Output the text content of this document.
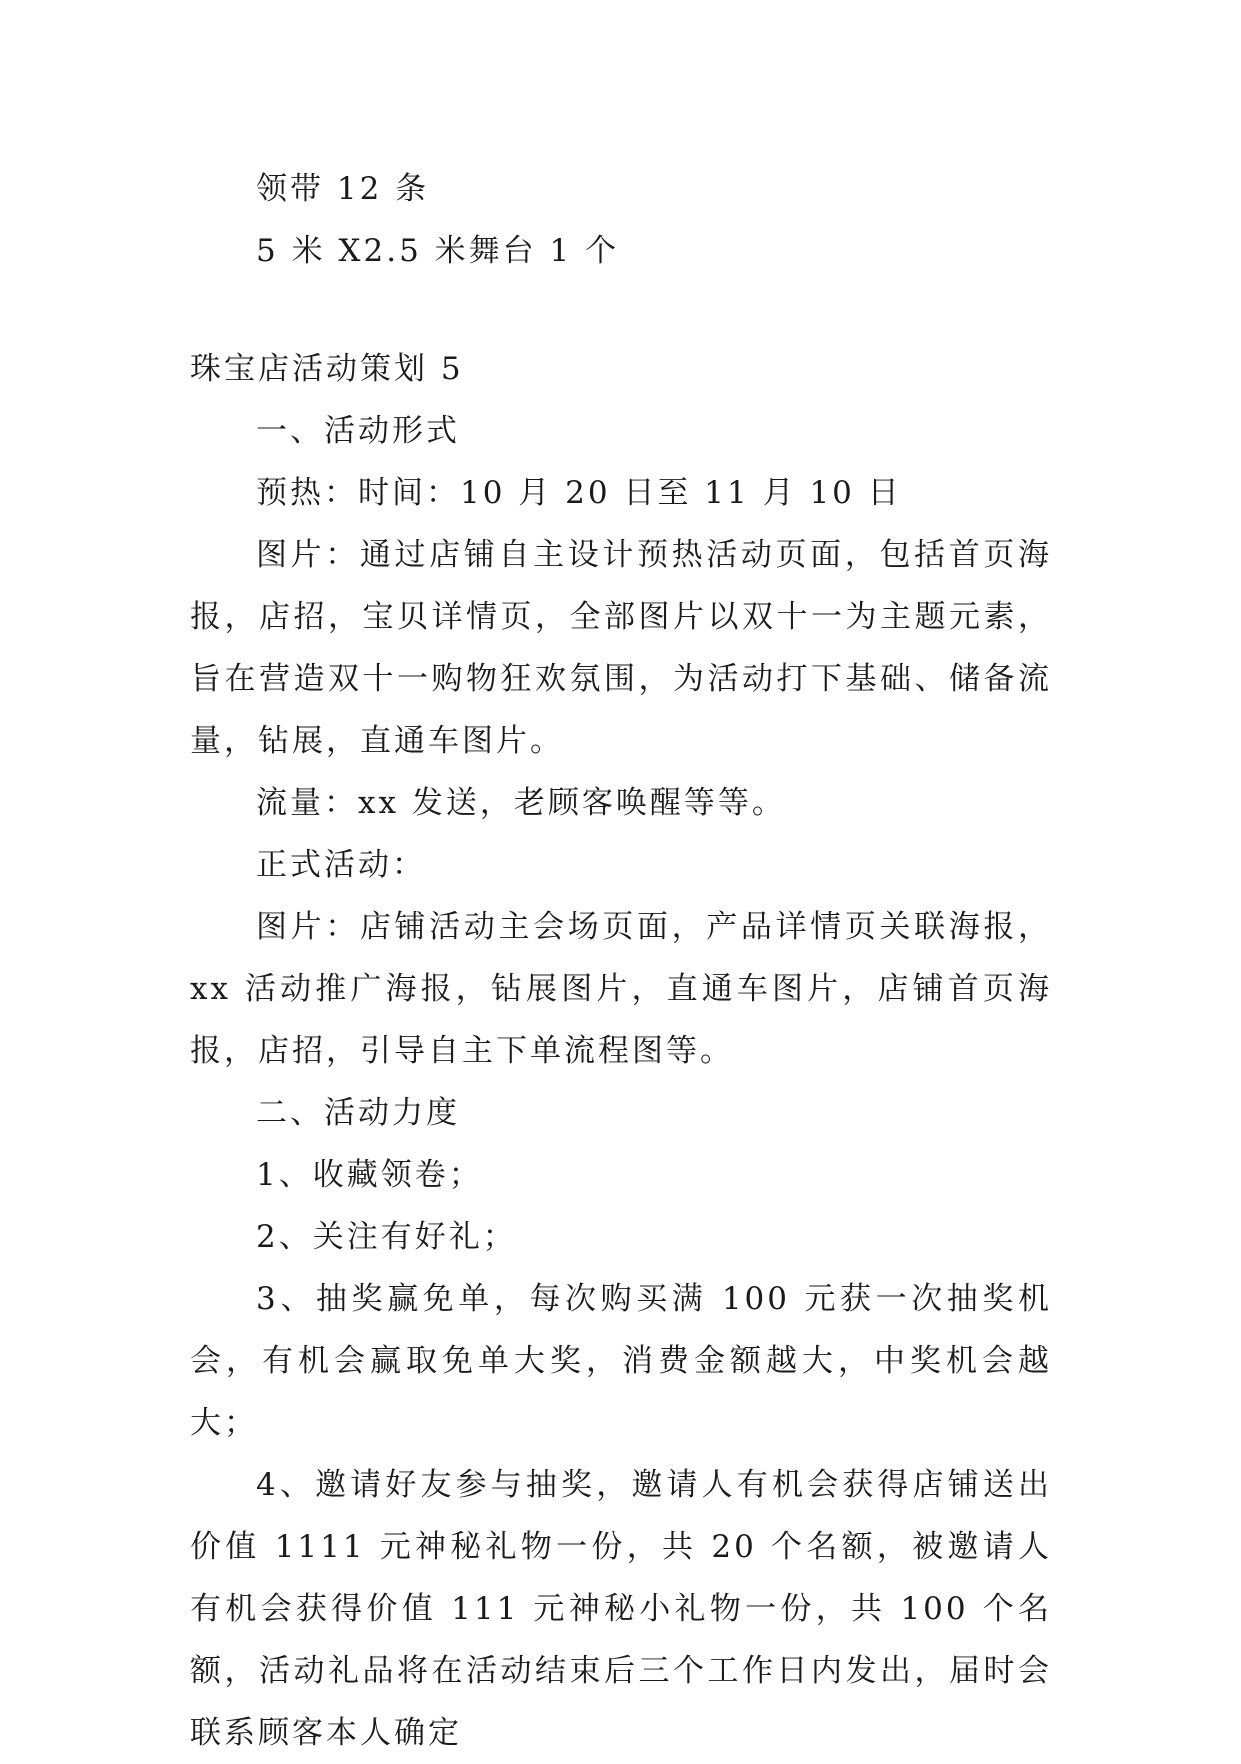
领带 12 条
5 米 X2.5 米舞台 1 个
珠宝店活动策划 5
一、活动形式
预热：时间：10 月 20 日至 11 月 10 日
图片：通过店铺自主设计预热活动页面，包括首页海报，店招，宝贝详情页，全部图片以双十一为主题元素，旨在营造双十一购物狂欢氛围，为活动打下基础、储备流量，钻展，直通车图片。
流量：xx 发送，老顾客唤醒等等。
正式活动：
图片：店铺活动主会场页面，产品详情页关联海报，xx 活动推广海报，钻展图片，直通车图片，店铺首页海报，店招，引导自主下单流程图等。
二、活动力度
1、收藏领卷；
2、关注有好礼；
3、抽奖赢免单，每次购买满 100 元获一次抽奖机会，有机会赢取免单大奖，消费金额越大，中奖机会越大；
4、邀请好友参与抽奖，邀请人有机会获得店铺送出价值 1111 元神秘礼物一份，共 20 个名额，被邀请人有机会获得价值 111 元神秘小礼物一份，共 100 个名额，活动礼品将在活动结束后三个工作日内发出，届时会联系顾客本人确定
